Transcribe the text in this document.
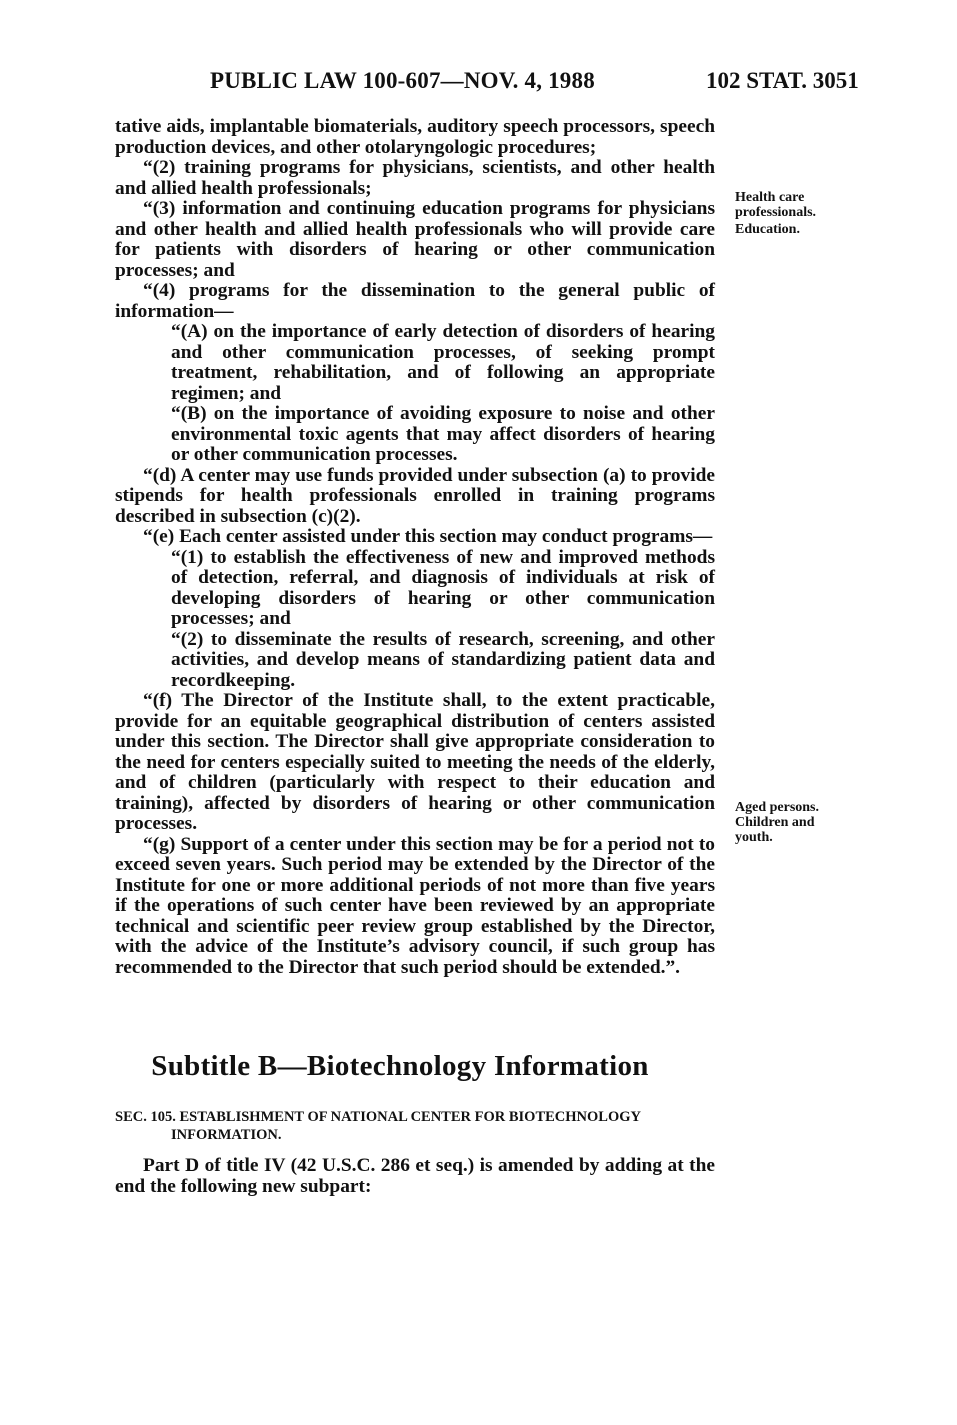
PUBLIC LAW 100-607—NOV. 4, 1988	102 STAT. 3051

tative aids, implantable biomaterials, auditory speech processors, speech production devices, and other otolaryngologic procedures;

“(2) training programs for physicians, scientists, and other health and allied health professionals;

“(3) information and continuing education programs for physicians and other health and allied health professionals who will provide care for patients with disorders of hearing or other communication processes; and

“(4) programs for the dissemination to the general public of information—

“(A) on the importance of early detection of disorders of hearing and other communication processes, of seeking prompt treatment, rehabilitation, and of following an appropriate regimen; and

“(B) on the importance of avoiding exposure to noise and other environmental toxic agents that may affect disorders of hearing or other communication processes.

“(d) A center may use funds provided under subsection (a) to provide stipends for health professionals enrolled in training programs described in subsection (c)(2).

“(e) Each center assisted under this section may conduct programs—

“(1) to establish the effectiveness of new and improved methods of detection, referral, and diagnosis of individuals at risk of developing disorders of hearing or other communication processes; and

“(2) to disseminate the results of research, screening, and other activities, and develop means of standardizing patient data and recordkeeping.

“(f) The Director of the Institute shall, to the extent practicable, provide for an equitable geographical distribution of centers assisted under this section. The Director shall give appropriate consideration to the need for centers especially suited to meeting the needs of the elderly, and of children (particularly with respect to their education and training), affected by disorders of hearing or other communication processes.

“(g) Support of a center under this section may be for a period not to exceed seven years. Such period may be extended by the Director of the Institute for one or more additional periods of not more than five years if the operations of such center have been reviewed by an appropriate technical and scientific peer review group established by the Director, with the advice of the Institute’s advisory council, if such group has recommended to the Director that such period should be extended.”.

Health care
professionals.
Education.
Aged persons.
Children and
youth.
Subtitle B—Biotechnology Information
SEC. 105. ESTABLISHMENT OF NATIONAL CENTER FOR BIOTECHNOLOGY
INFORMATION.

Part D of title IV (42 U.S.C. 286 et seq.) is amended by adding at the end the following new subpart:
